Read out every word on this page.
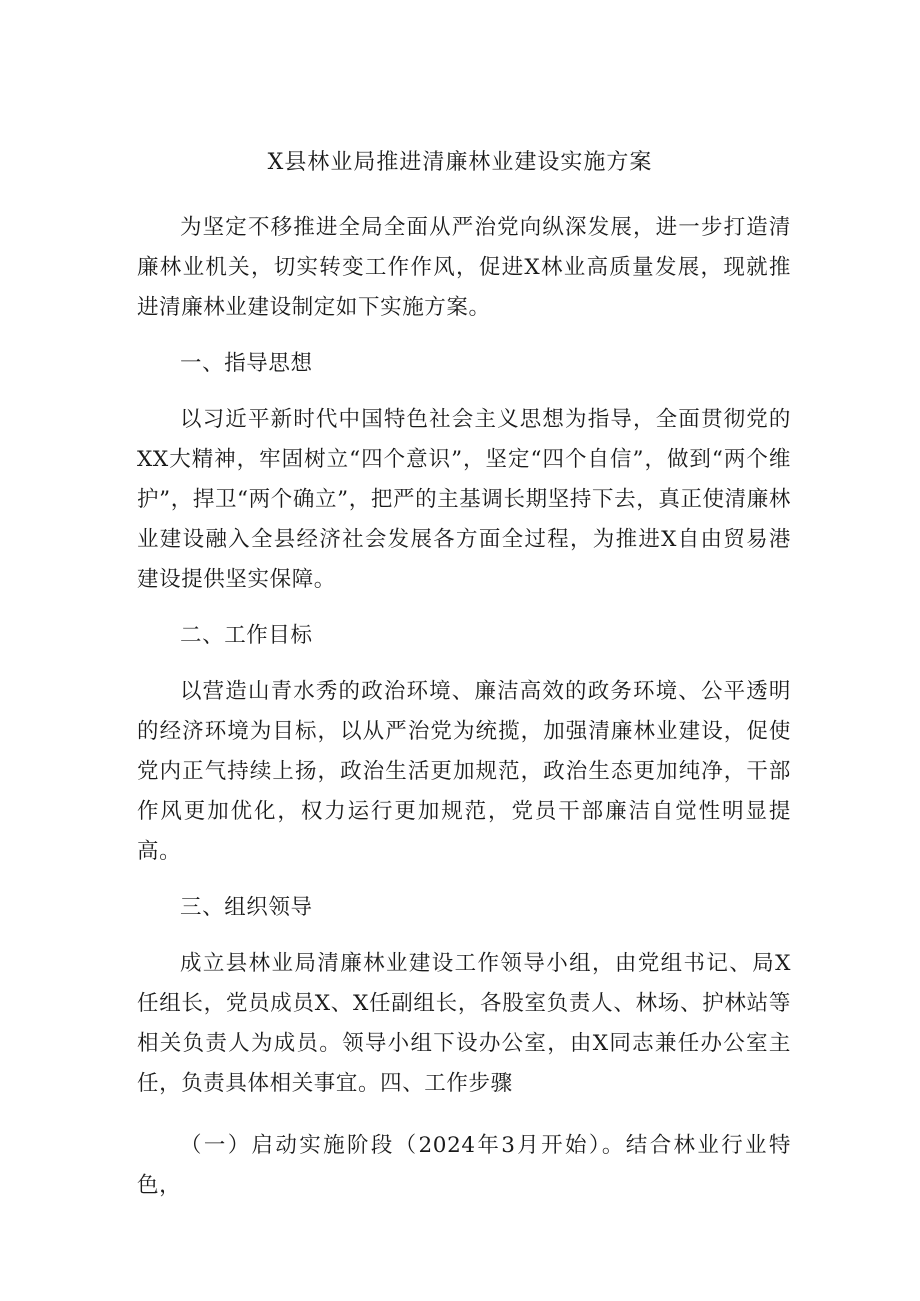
X县林业局推进清廉林业建设实施方案

为坚定不移推进全局全面从严治党向纵深发展，进一步打造清廉林业机关，切实转变工作作风，促进X林业高质量发展，现就推进清廉林业建设制定如下实施方案。

一、指导思想

以习近平新时代中国特色社会主义思想为指导，全面贯彻党的XX大精神，牢固树立“四个意识”，坚定“四个自信”，做到“两个维护”，捍卫“两个确立”，把严的主基调长期坚持下去，真正使清廉林业建设融入全县经济社会发展各方面全过程，为推进X自由贸易港建设提供坚实保障。

二、工作目标

以营造山青水秀的政治环境、廉洁高效的政务环境、公平透明的经济环境为目标，以从严治党为统揽，加强清廉林业建设，促使党内正气持续上扬，政治生活更加规范，政治生态更加纯净，干部作风更加优化，权力运行更加规范，党员干部廉洁自觉性明显提高。

三、组织领导

成立县林业局清廉林业建设工作领导小组，由党组书记、局X任组长，党员成员X、X任副组长，各股室负责人、林场、护林站等相关负责人为成员。领导小组下设办公室，由X同志兼任办公室主任，负责具体相关事宜。四、工作步骤

（一）启动实施阶段（2024年3月开始）。结合林业行业特色，
